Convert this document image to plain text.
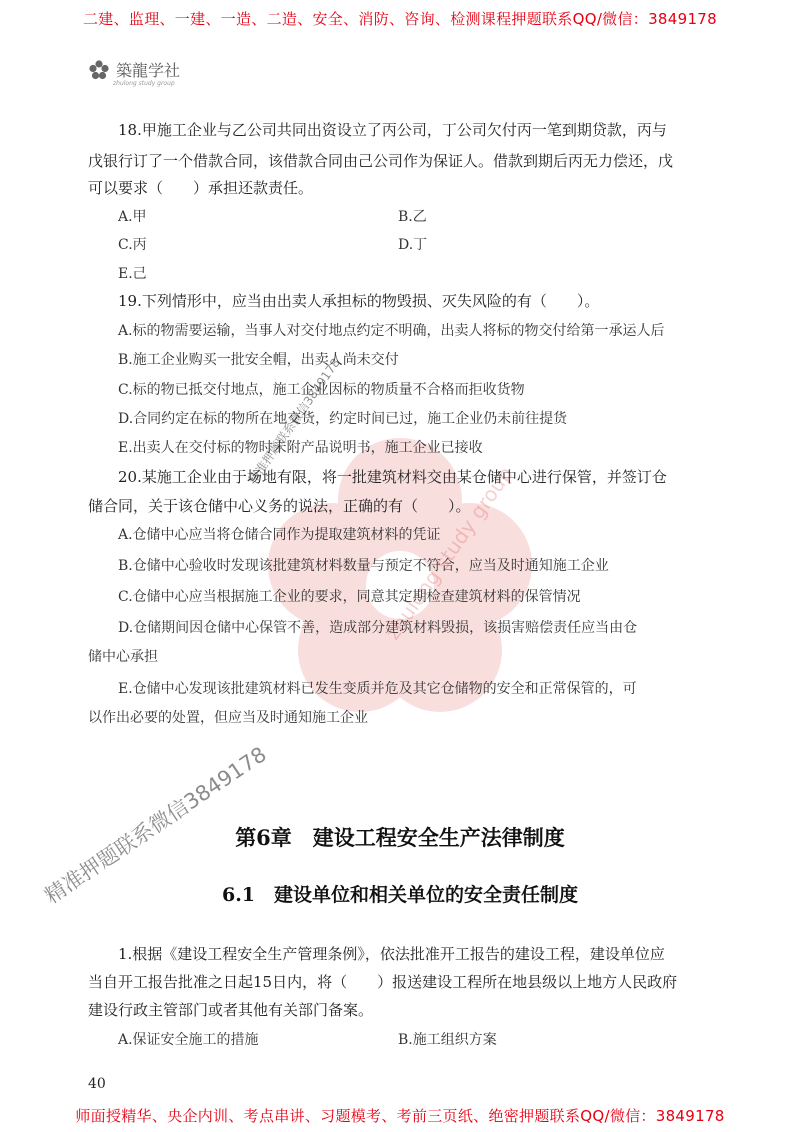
二建、监理、一建、一造、二造、安全、消防、咨询、检测课程押题联系QQ/微信：3849178
築龍学社
zhulong study group
zhulong study group
精准押题联系微信3849178
精准押题联系微信3849178
18.甲施工企业与乙公司共同出资设立了丙公司，丁公司欠付丙一笔到期贷款，丙与
戊银行订了一个借款合同，该借款合同由己公司作为保证人。借款到期后丙无力偿还，戊
可以要求（　　）承担还款责任。
A.甲	B.乙
C.丙	D.丁
E.己
19.下列情形中，应当由出卖人承担标的物毁损、灭失风险的有（　　）。
A.标的物需要运输，当事人对交付地点约定不明确，出卖人将标的物交付给第一承运人后
B.施工企业购买一批安全帽，出卖人尚未交付
C.标的物已抵交付地点，施工企业因标的物质量不合格而拒收货物
D.合同约定在标的物所在地交货，约定时间已过，施工企业仍未前往提货
E.出卖人在交付标的物时未附产品说明书，施工企业已接收
20.某施工企业由于场地有限，将一批建筑材料交由某仓储中心进行保管，并签订仓
储合同，关于该仓储中心义务的说法，正确的有（　　）。
A.仓储中心应当将仓储合同作为提取建筑材料的凭证
B.仓储中心验收时发现该批建筑材料数量与预定不符合，应当及时通知施工企业
C.仓储中心应当根据施工企业的要求，同意其定期检查建筑材料的保管情况
D.仓储期间因仓储中心保管不善，造成部分建筑材料毁损，该损害赔偿责任应当由仓
储中心承担
E.仓储中心发现该批建筑材料已发生变质并危及其它仓储物的安全和正常保管的，可
以作出必要的处置，但应当及时通知施工企业
第6章　建设工程安全生产法律制度
6.1　建设单位和相关单位的安全责任制度
1.根据《建设工程安全生产管理条例》，依法批准开工报告的建设工程，建设单位应
当自开工报告批准之日起15日内，将（　　）报送建设工程所在地县级以上地方人民政府
建设行政主管部门或者其他有关部门备案。
A.保证安全施工的措施	B.施工组织方案
40
师面授精华、央企内训、考点串讲、习题模考、考前三页纸、绝密押题联系QQ/微信：3849178
